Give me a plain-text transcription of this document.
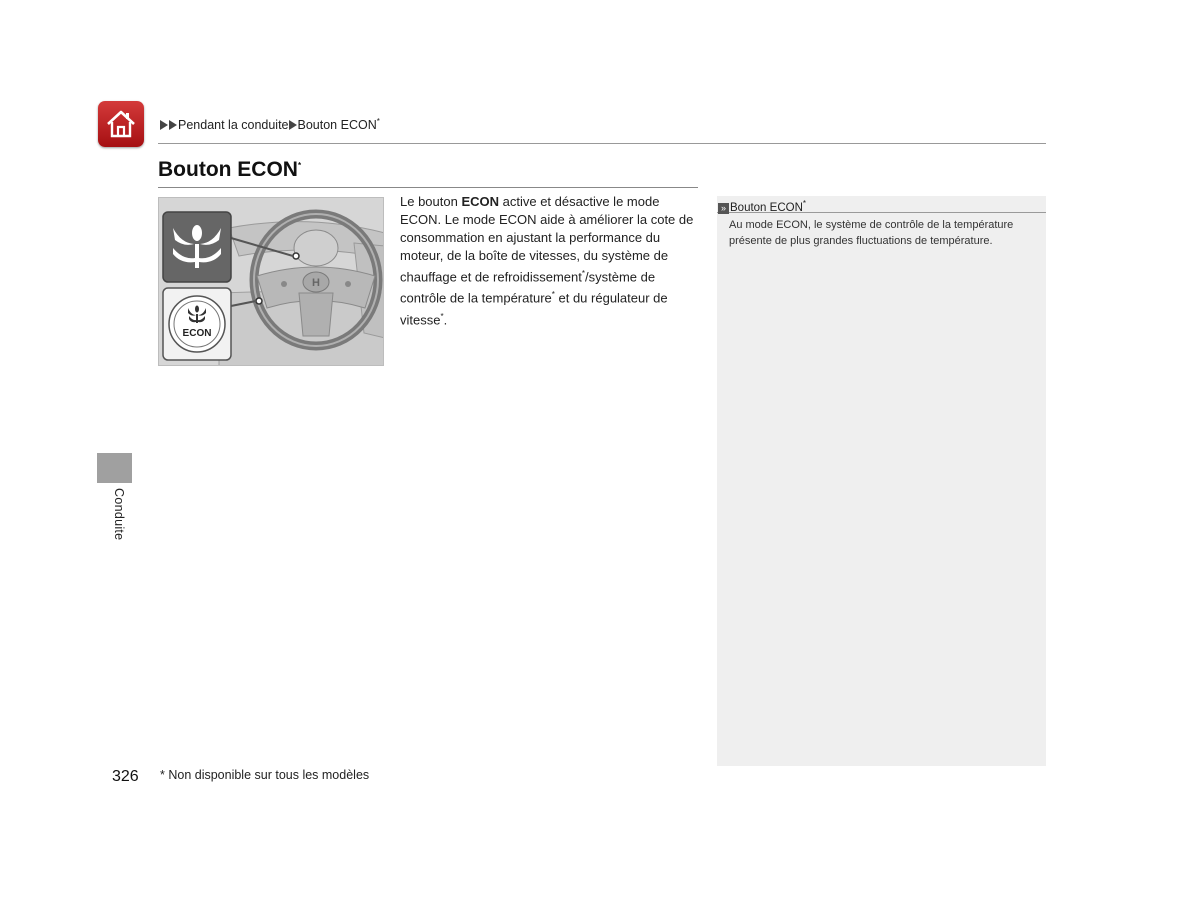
Pendant la conduite Bouton ECON*
Bouton ECON*
H
ECON
Le bouton ECON active et désactive le mode ECON. Le mode ECON aide à améliorer la cote de consommation en ajustant la performance du moteur, de la boîte de vitesses, du système de chauffage et de refroidissement*/système de contrôle de la température* et du régulateur de vitesse*.
» Bouton ECON*
Au mode ECON, le système de contrôle de la température présente de plus grandes fluctuations de température.
Conduite
326 * Non disponible sur tous les modèles
